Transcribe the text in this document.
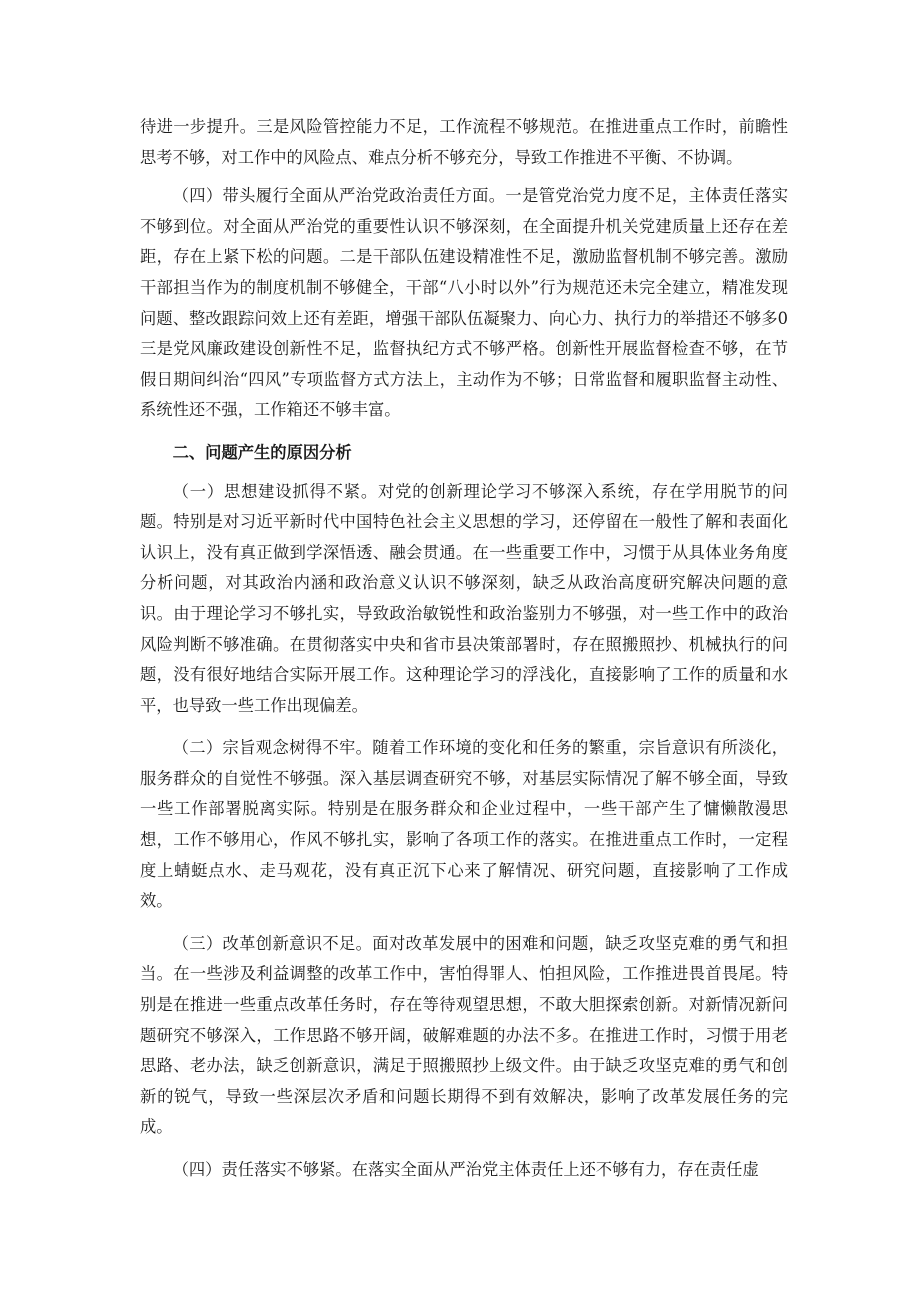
待进一步提升。三是风险管控能力不足，工作流程不够规范。在推进重点工作时，前瞻性思考不够，对工作中的风险点、难点分析不够充分，导致工作推进不平衡、不协调。

（四）带头履行全面从严治党政治责任方面。一是管党治党力度不足，主体责任落实不够到位。对全面从严治党的重要性认识不够深刻，在全面提升机关党建质量上还存在差距，存在上紧下松的问题。二是干部队伍建设精准性不足，激励监督机制不够完善。激励干部担当作为的制度机制不够健全，干部“八小时以外”行为规范还未完全建立，精准发现问题、整改跟踪问效上还有差距，增强干部队伍凝聚力、向心力、执行力的举措还不够多0三是党风廉政建设创新性不足，监督执纪方式不够严格。创新性开展监督检查不够，在节假日期间纠治“四风”专项监督方式方法上，主动作为不够；日常监督和履职监督主动性、系统性还不强，工作箱还不够丰富。

二、问题产生的原因分析

（一）思想建设抓得不紧。对党的创新理论学习不够深入系统，存在学用脱节的问题。特别是对习近平新时代中国特色社会主义思想的学习，还停留在一般性了解和表面化认识上，没有真正做到学深悟透、融会贯通。在一些重要工作中，习惯于从具体业务角度分析问题，对其政治内涵和政治意义认识不够深刻，缺乏从政治高度研究解决问题的意识。由于理论学习不够扎实，导致政治敏锐性和政治鉴别力不够强，对一些工作中的政治风险判断不够准确。在贯彻落实中央和省市县决策部署时，存在照搬照抄、机械执行的问题，没有很好地结合实际开展工作。这种理论学习的浮浅化，直接影响了工作的质量和水平，也导致一些工作出现偏差。

（二）宗旨观念树得不牢。随着工作环境的变化和任务的繁重，宗旨意识有所淡化，服务群众的自觉性不够强。深入基层调查研究不够，对基层实际情况了解不够全面，导致一些工作部署脱离实际。特别是在服务群众和企业过程中，一些干部产生了慵懒散漫思想，工作不够用心，作风不够扎实，影响了各项工作的落实。在推进重点工作时，一定程度上蜻蜓点水、走马观花，没有真正沉下心来了解情况、研究问题，直接影响了工作成效。

（三）改革创新意识不足。面对改革发展中的困难和问题，缺乏攻坚克难的勇气和担当。在一些涉及利益调整的改革工作中，害怕得罪人、怕担风险，工作推进畏首畏尾。特别是在推进一些重点改革任务时，存在等待观望思想，不敢大胆探索创新。对新情况新问题研究不够深入，工作思路不够开阔，破解难题的办法不多。在推进工作时，习惯于用老思路、老办法，缺乏创新意识，满足于照搬照抄上级文件。由于缺乏攻坚克难的勇气和创新的锐气，导致一些深层次矛盾和问题长期得不到有效解决，影响了改革发展任务的完成。

（四）责任落实不够紧。在落实全面从严治党主体责任上还不够有力，存在责任虚
